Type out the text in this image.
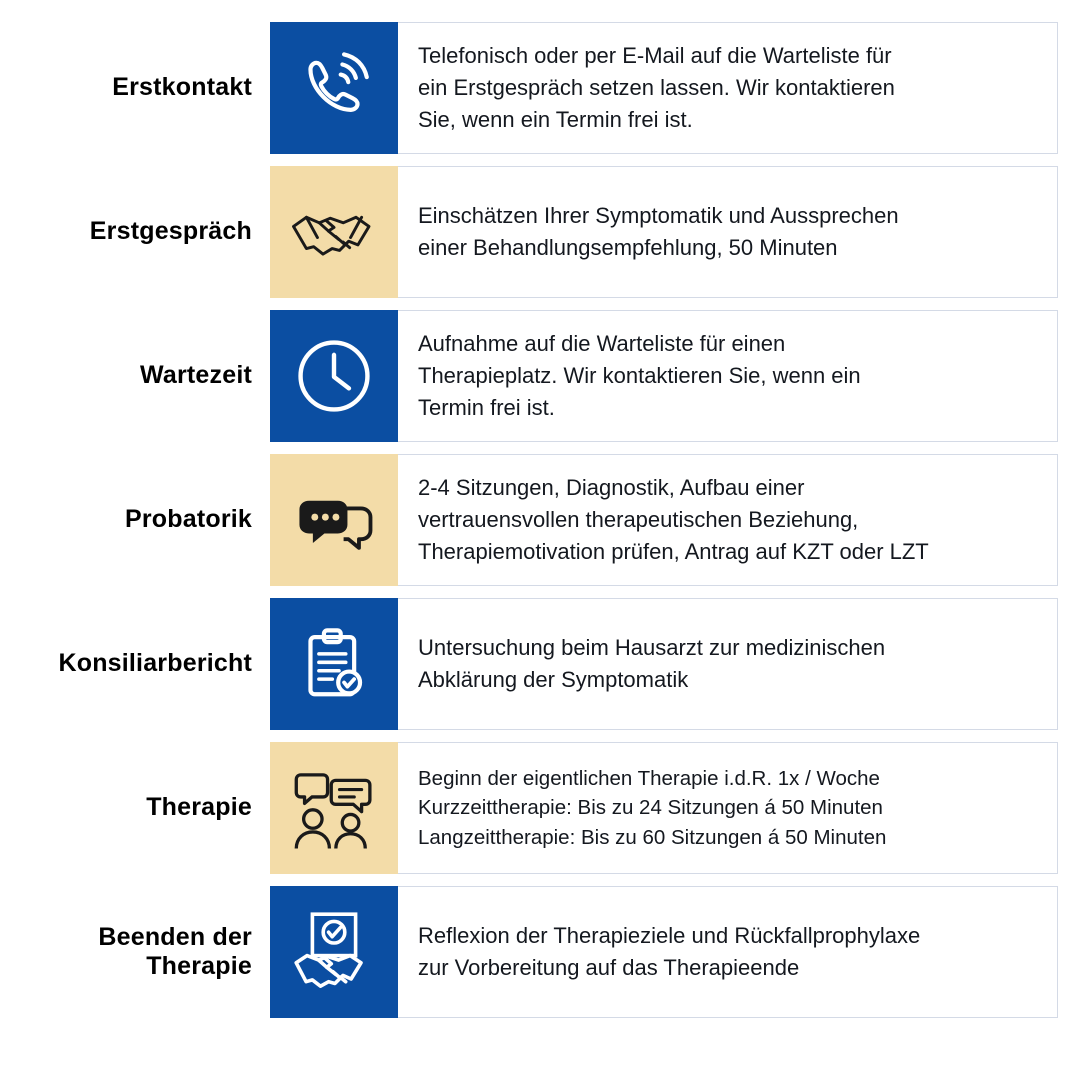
Erstkontakt

Telefonisch oder per E-Mail auf die Warteliste für
ein Erstgespräch setzen lassen. Wir kontaktieren
Sie, wenn ein Termin frei ist.

Erstgespräch

Einschätzen Ihrer Symptomatik und Aussprechen
einer Behandlungsempfehlung, 50 Minuten

Wartezeit

Aufnahme auf die Warteliste für einen
Therapieplatz. Wir kontaktieren Sie, wenn ein
Termin frei ist.

Probatorik

2-4 Sitzungen, Diagnostik, Aufbau einer
vertrauensvollen therapeutischen Beziehung,
Therapiemotivation prüfen, Antrag auf KZT oder LZT

Konsiliarbericht

Untersuchung beim Hausarzt zur medizinischen
Abklärung der Symptomatik

Therapie

Beginn der eigentlichen Therapie i.d.R. 1x / Woche
Kurzzeittherapie: Bis zu 24 Sitzungen á 50 Minuten
Langzeittherapie: Bis zu 60 Sitzungen á 50 Minuten

Beenden der Therapie

Reflexion der Therapieziele und Rückfallprophylaxe
zur Vorbereitung auf das Therapieende
